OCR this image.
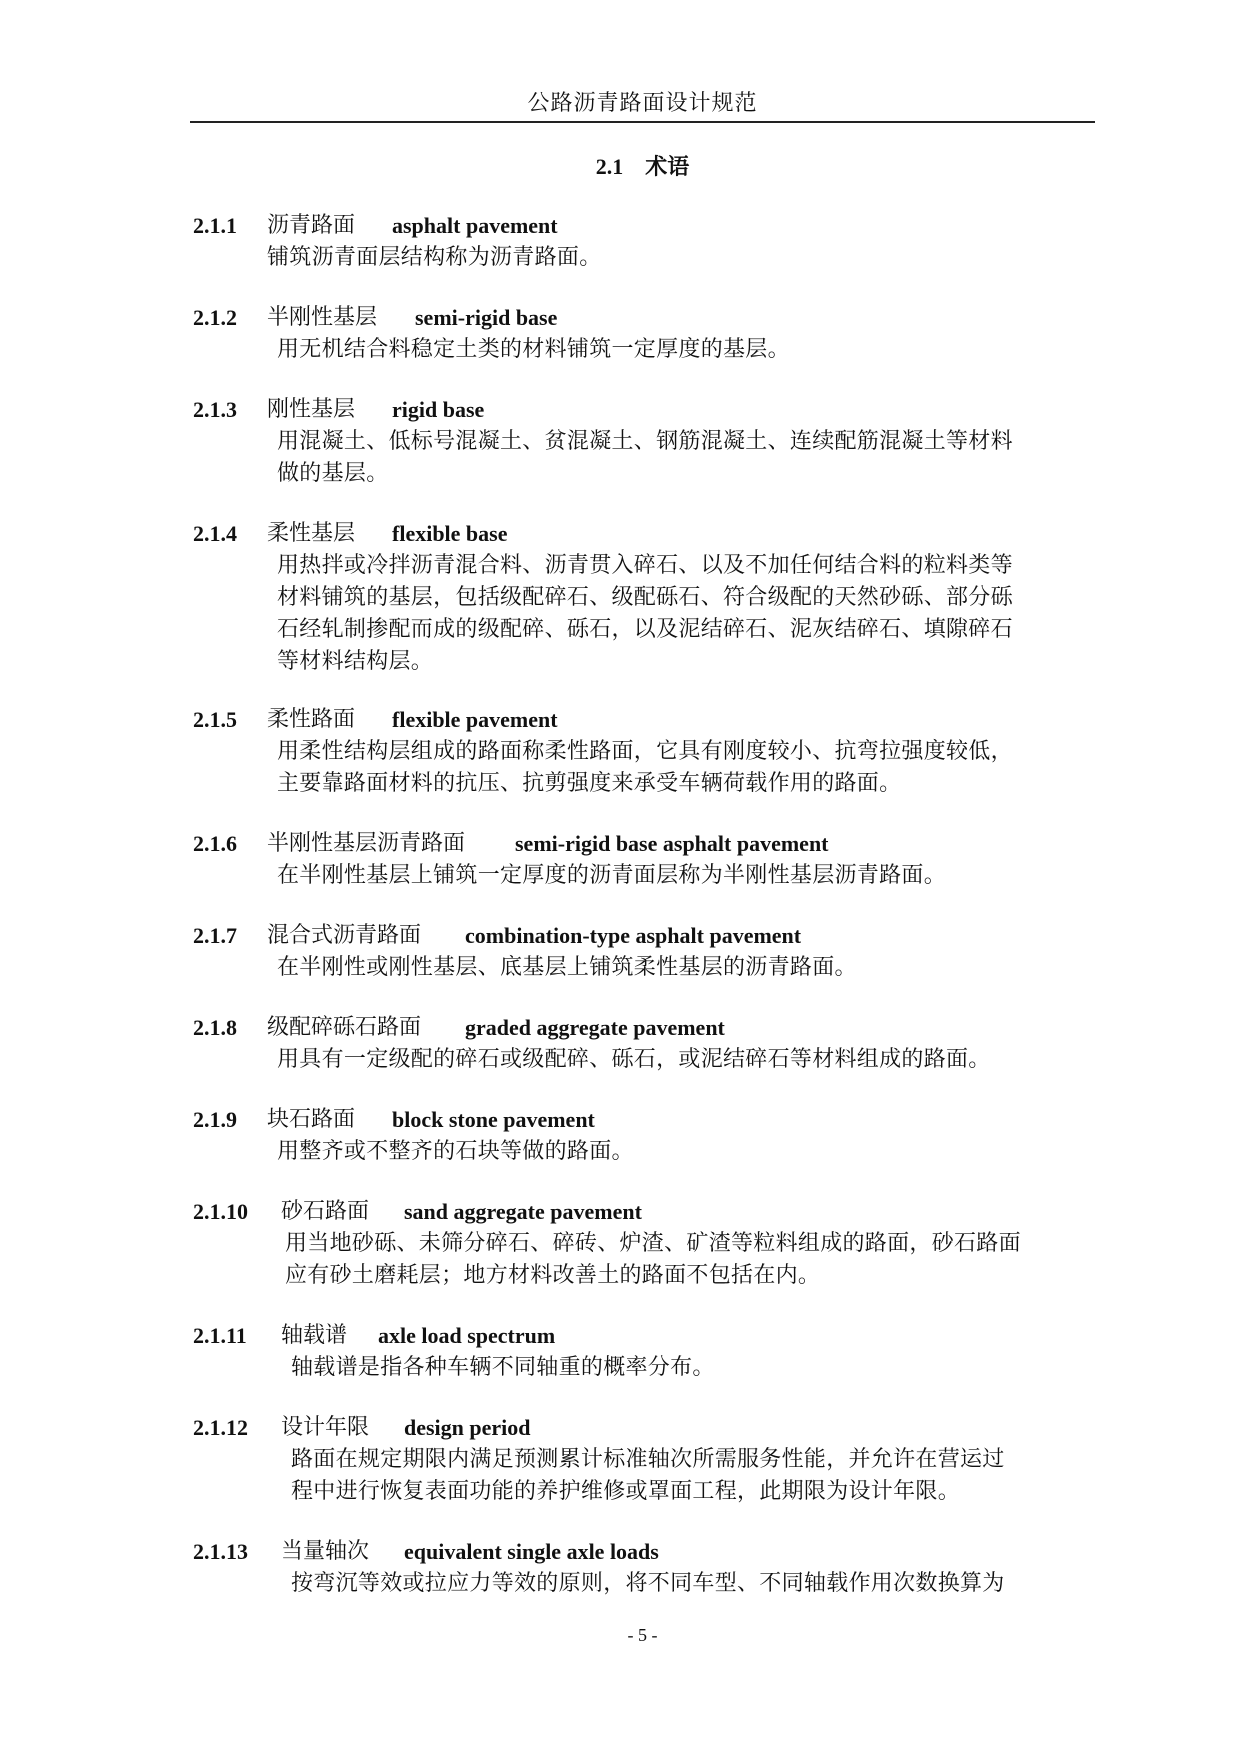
公路沥青路面设计规范
2.1 术语
2.1.1 沥青路面 asphalt pavement
铺筑沥青面层结构称为沥青路面。
2.1.2 半刚性基层 semi-rigid base
用无机结合料稳定土类的材料铺筑一定厚度的基层。
2.1.3 刚性基层 rigid base
用混凝土、低标号混凝土、贫混凝土、钢筋混凝土、连续配筋混凝土等材料
做的基层。
2.1.4 柔性基层 flexible base
用热拌或冷拌沥青混合料、沥青贯入碎石、以及不加任何结合料的粒料类等
材料铺筑的基层，包括级配碎石、级配砾石、符合级配的天然砂砾、部分砾
石经轧制掺配而成的级配碎、砾石，以及泥结碎石、泥灰结碎石、填隙碎石
等材料结构层。
2.1.5 柔性路面 flexible pavement
用柔性结构层组成的路面称柔性路面，它具有刚度较小、抗弯拉强度较低，
主要靠路面材料的抗压、抗剪强度来承受车辆荷载作用的路面。
2.1.6 半刚性基层沥青路面 semi-rigid base asphalt pavement
在半刚性基层上铺筑一定厚度的沥青面层称为半刚性基层沥青路面。
2.1.7 混合式沥青路面 combination-type asphalt pavement
在半刚性或刚性基层、底基层上铺筑柔性基层的沥青路面。
2.1.8 级配碎砾石路面 graded aggregate pavement
用具有一定级配的碎石或级配碎、砾石，或泥结碎石等材料组成的路面。
2.1.9 块石路面 block stone pavement
用整齐或不整齐的石块等做的路面。
2.1.10 砂石路面 sand aggregate pavement
用当地砂砾、未筛分碎石、碎砖、炉渣、矿渣等粒料组成的路面，砂石路面
应有砂土磨耗层；地方材料改善土的路面不包括在内。
2.1.11 轴载谱 axle load spectrum
轴载谱是指各种车辆不同轴重的概率分布。
2.1.12 设计年限 design period
路面在规定期限内满足预测累计标准轴次所需服务性能，并允许在营运过
程中进行恢复表面功能的养护维修或罩面工程，此期限为设计年限。
2.1.13 当量轴次 equivalent single axle loads
按弯沉等效或拉应力等效的原则，将不同车型、不同轴载作用次数换算为
- 5 -
